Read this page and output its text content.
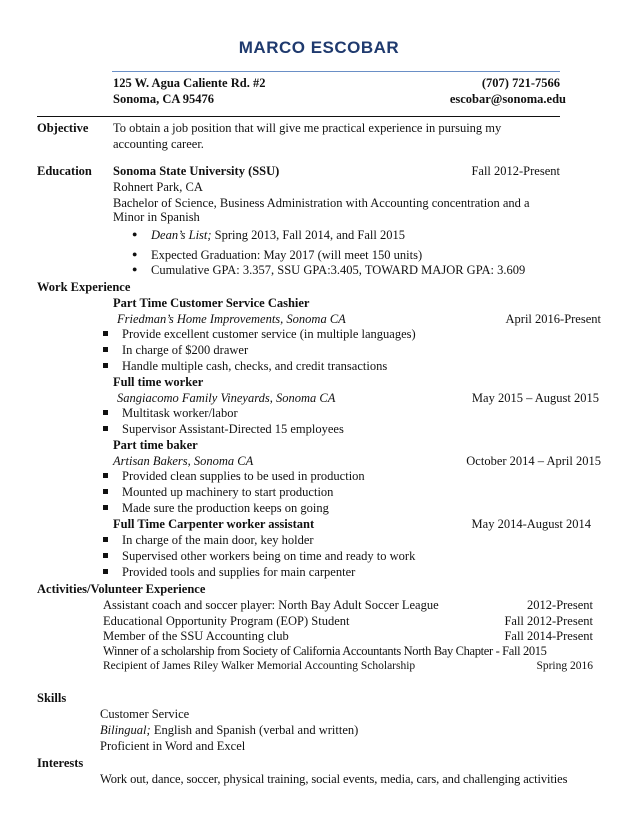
MARCO ESCOBAR
125 W. Agua Caliente Rd. #2
Sonoma, CA 95476
(707) 721-7566
escobar@sonoma.edu
Objective To obtain a job position that will give me practical experience in pursuing my
accounting career.
Education Sonoma State University (SSU)	Fall 2012-Present
Rohnert Park, CA
Bachelor of Science, Business Administration with Accounting concentration and a
Minor in Spanish
● Dean’s List; Spring 2013, Fall 2014, and Fall 2015
● Expected Graduation: May 2017 (will meet 150 units)
● Cumulative GPA: 3.357, SSU GPA:3.405, TOWARD MAJOR GPA: 3.609
Work Experience
Part Time Customer Service Cashier
Friedman’s Home Improvements, Sonoma CA	April 2016-Present
Provide excellent customer service (in multiple languages)
In charge of $200 drawer
Handle multiple cash, checks, and credit transactions
Full time worker
Sangiacomo Family Vineyards, Sonoma CA	May 2015 – August 2015
Multitask worker/labor
Supervisor Assistant-Directed 15 employees
Part time baker
Artisan Bakers, Sonoma CA	October 2014 – April 2015
Provided clean supplies to be used in production
Mounted up machinery to start production
Made sure the production keeps on going
Full Time Carpenter worker assistant	May 2014-August 2014
In charge of the main door, key holder
Supervised other workers being on time and ready to work
Provided tools and supplies for main carpenter
Activities/Volunteer Experience
Assistant coach and soccer player: North Bay Adult Soccer League	2012-Present
Educational Opportunity Program (EOP) Student	Fall 2012-Present
Member of the SSU Accounting club	Fall 2014-Present
Winner of a scholarship from Society of California Accountants North Bay Chapter - Fall 2015
Recipient of James Riley Walker Memorial Accounting Scholarship	Spring 2016
Skills
Customer Service
Bilingual; English and Spanish (verbal and written)
Proficient in Word and Excel
Interests
Work out, dance, soccer, physical training, social events, media, cars, and challenging activities
